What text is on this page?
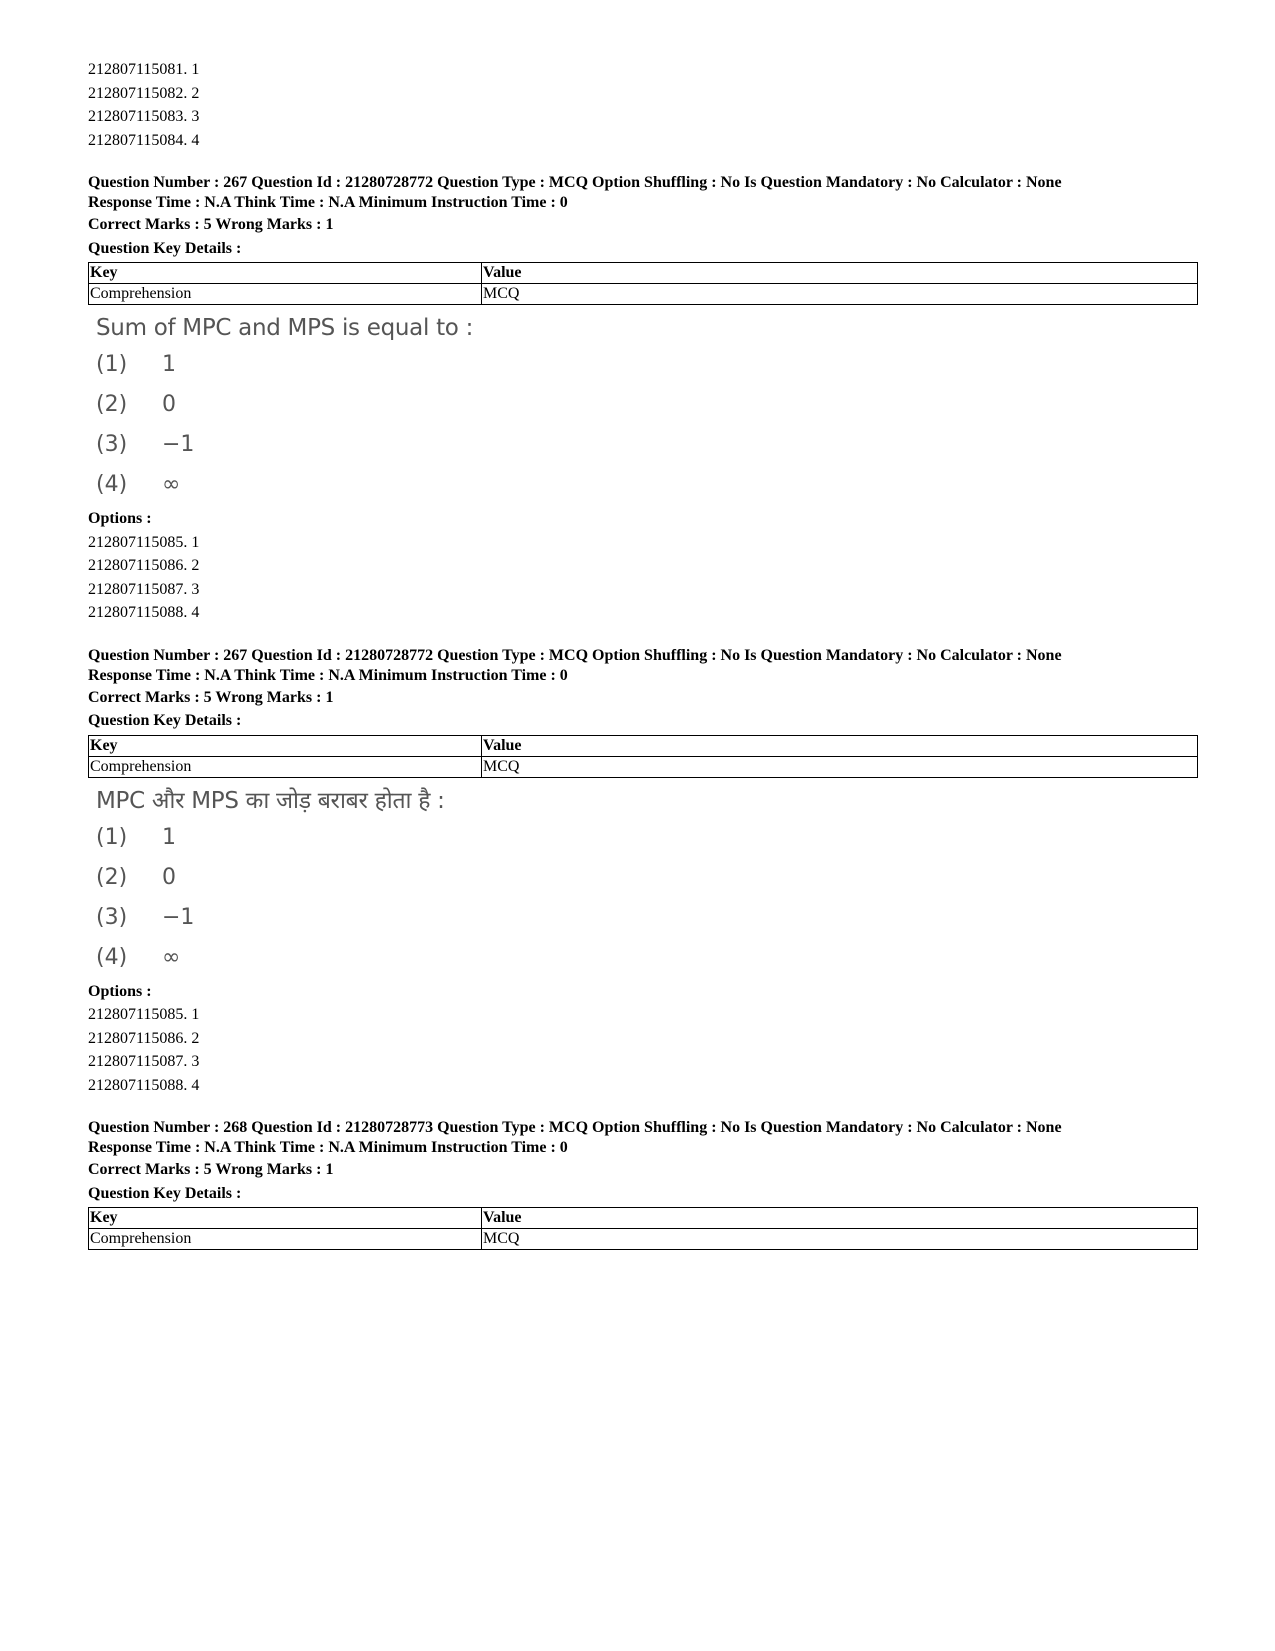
212807115081. 1
212807115082. 2
212807115083. 3
212807115084. 4
Question Number : 267 Question Id : 21280728772 Question Type : MCQ Option Shuffling : No Is Question Mandatory : No Calculator : None
Response Time : N.A Think Time : N.A Minimum Instruction Time : 0
Correct Marks : 5 Wrong Marks : 1
Question Key Details :
Key	Value
Comprehension	MCQ
Sum of MPC and MPS is equal to :
(1) 1
(2) 0
(3) −1
(4) ∞
Options :
212807115085. 1
212807115086. 2
212807115087. 3
212807115088. 4
Question Number : 267 Question Id : 21280728772 Question Type : MCQ Option Shuffling : No Is Question Mandatory : No Calculator : None
Response Time : N.A Think Time : N.A Minimum Instruction Time : 0
Correct Marks : 5 Wrong Marks : 1
Question Key Details :
Key	Value
Comprehension	MCQ
MPC और MPS का जोड़ बराबर होता है :
(1) 1
(2) 0
(3) −1
(4) ∞
Options :
212807115085. 1
212807115086. 2
212807115087. 3
212807115088. 4
Question Number : 268 Question Id : 21280728773 Question Type : MCQ Option Shuffling : No Is Question Mandatory : No Calculator : None
Response Time : N.A Think Time : N.A Minimum Instruction Time : 0
Correct Marks : 5 Wrong Marks : 1
Question Key Details :
Key	Value
Comprehension	MCQ
